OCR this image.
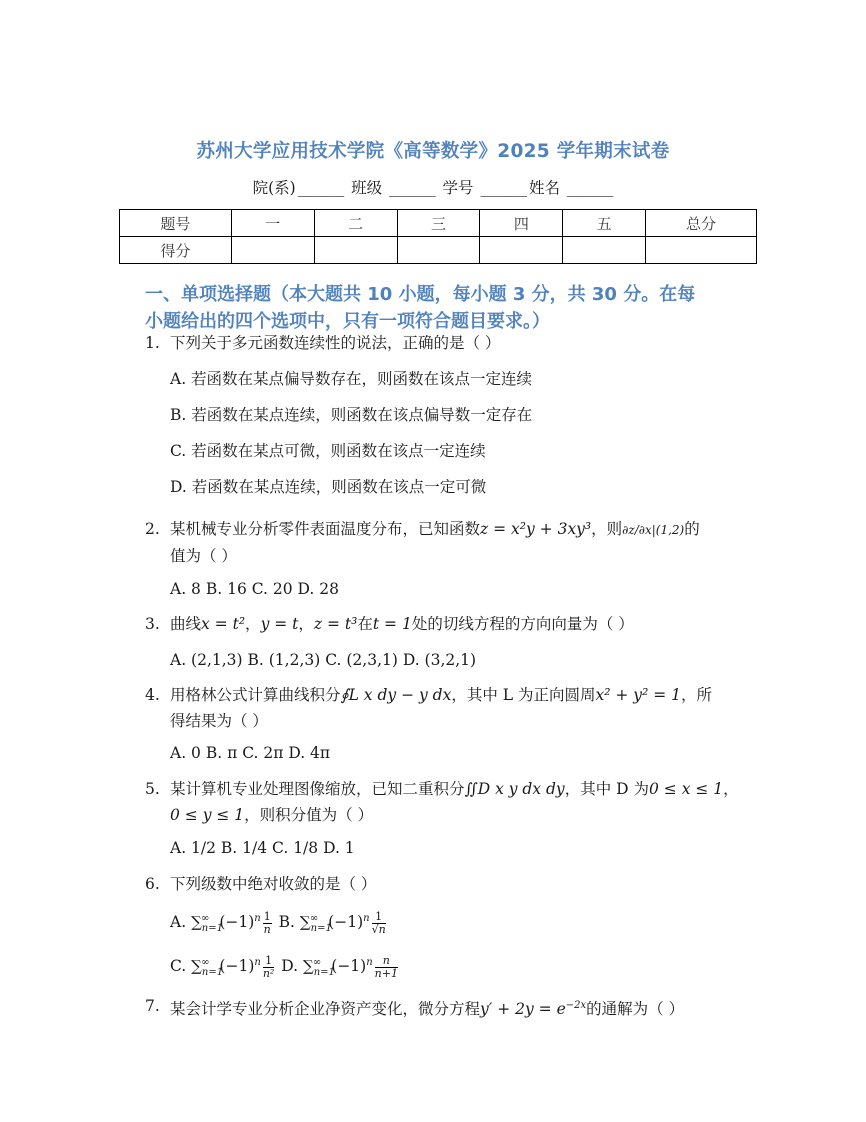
苏州大学应用技术学院《高等数学》2025 学年期末试卷
院(系) ______ 班级 ______ 学号 ______ 姓名 ______
题号	一	二	三	四	五	总分
得分						
一、单项选择题（本大题共 10 小题，每小题 3 分，共 30 分。在每
小题给出的四个选项中，只有一项符合题目要求。）
1. 下列关于多元函数连续性的说法，正确的是（ ）
A. 若函数在某点偏导数存在，则函数在该点一定连续
B. 若函数在某点连续，则函数在该点偏导数一定存在
C. 若函数在某点可微，则函数在该点一定连续
D. 若函数在某点连续，则函数在该点一定可微
2. 某机械专业分析零件表面温度分布，已知函数z = x²y + 3xy³，则∂z/∂x|(1,2)的
值为（ ）
A. 8 B. 16 C. 20 D. 28
3. 曲线x = t²，y = t，z = t³在t = 1处的切线方程的方向向量为（ ）
A. (2,1,3) B. (1,2,3) C. (2,3,1) D. (3,2,1)
4. 用格林公式计算曲线积分∮L x dy − y dx，其中 L 为正向圆周x² + y² = 1，所
得结果为（ ）
A. 0 B. π C. 2π D. 4π
5. 某计算机专业处理图像缩放，已知二重积分∬D x y dx dy，其中 D 为0 ≤ x ≤ 1，
0 ≤ y ≤ 1，则积分值为（ ）
A. 1/2 B. 1/4 C. 1/8 D. 1
6. 下列级数中绝对收敛的是（ ）
A. $\sum_{n=1}^\infty$ $(-1)^n \frac{1}{n} B$. $\sum_{n=1}^\infty$ $(-1)^n \frac{1}{√n}$
C. $\sum_{n=1}^\infty$ $(-1)^n \frac{1}{\text{n²}} D$. $\sum_{n=1}^\infty$ $(-1)^n \frac{n}{n+1}$
7. 某会计学专业分析企业净资产变化，微分方程$y' + 2y = e^{-2x}$的通解为（ ）
